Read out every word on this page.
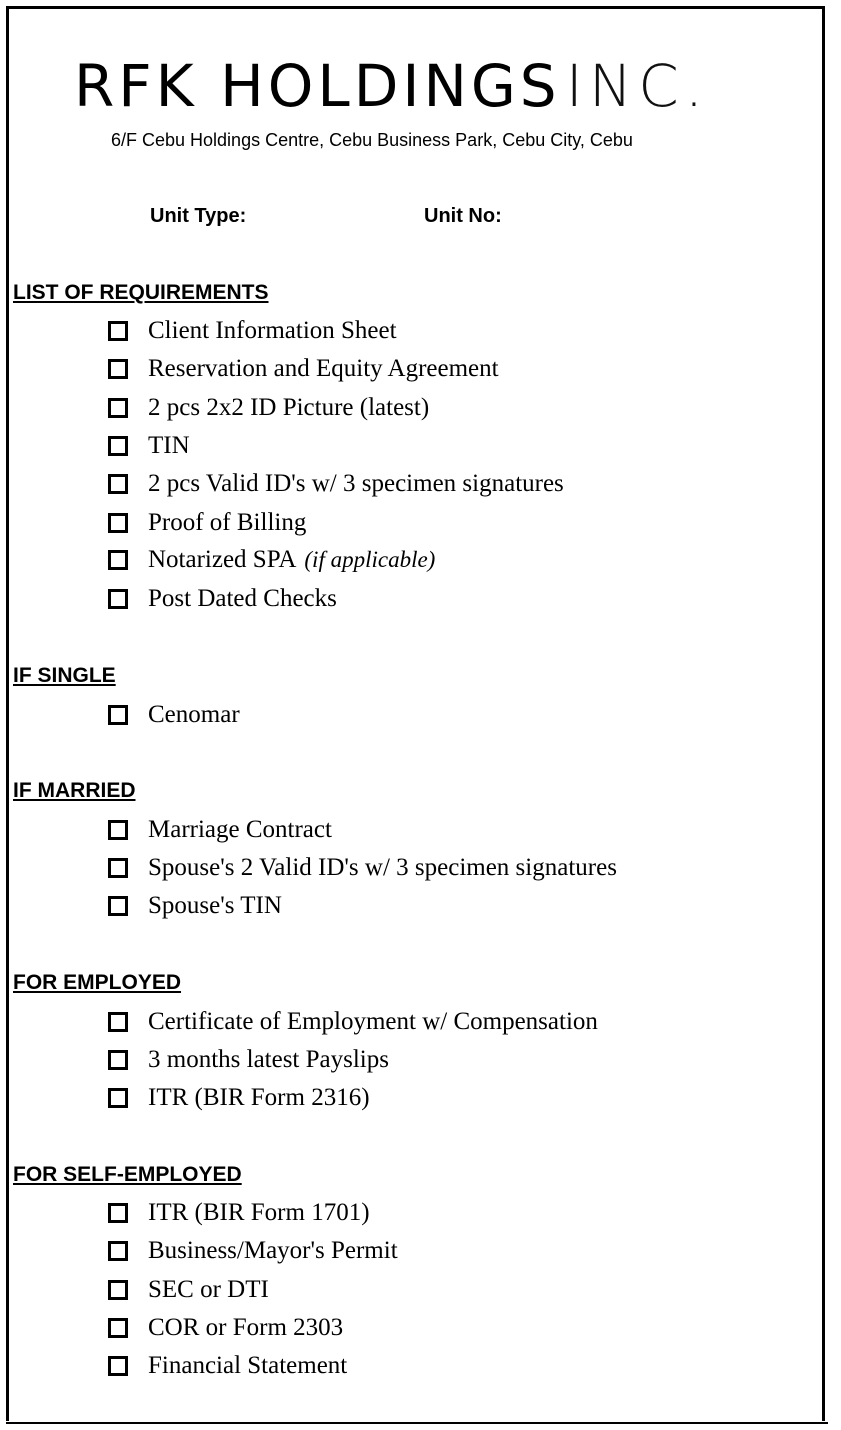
RFK HOLDINGS INC.
6/F Cebu Holdings Centre, Cebu Business Park, Cebu City, Cebu
Unit Type:	Unit No:
LIST OF REQUIREMENTS
Client Information Sheet
Reservation and Equity Agreement
2 pcs 2x2 ID Picture (latest)
TIN
2 pcs Valid ID's w/ 3 specimen signatures
Proof of Billing
Notarized SPA (if applicable)
Post Dated Checks
IF SINGLE
Cenomar
IF MARRIED
Marriage Contract
Spouse's 2 Valid ID's w/ 3 specimen signatures
Spouse's TIN
FOR EMPLOYED
Certificate of Employment w/ Compensation
3 months latest Payslips
ITR (BIR Form 2316)
FOR SELF-EMPLOYED
ITR (BIR Form 1701)
Business/Mayor's Permit
SEC or DTI
COR or Form 2303
Financial Statement
